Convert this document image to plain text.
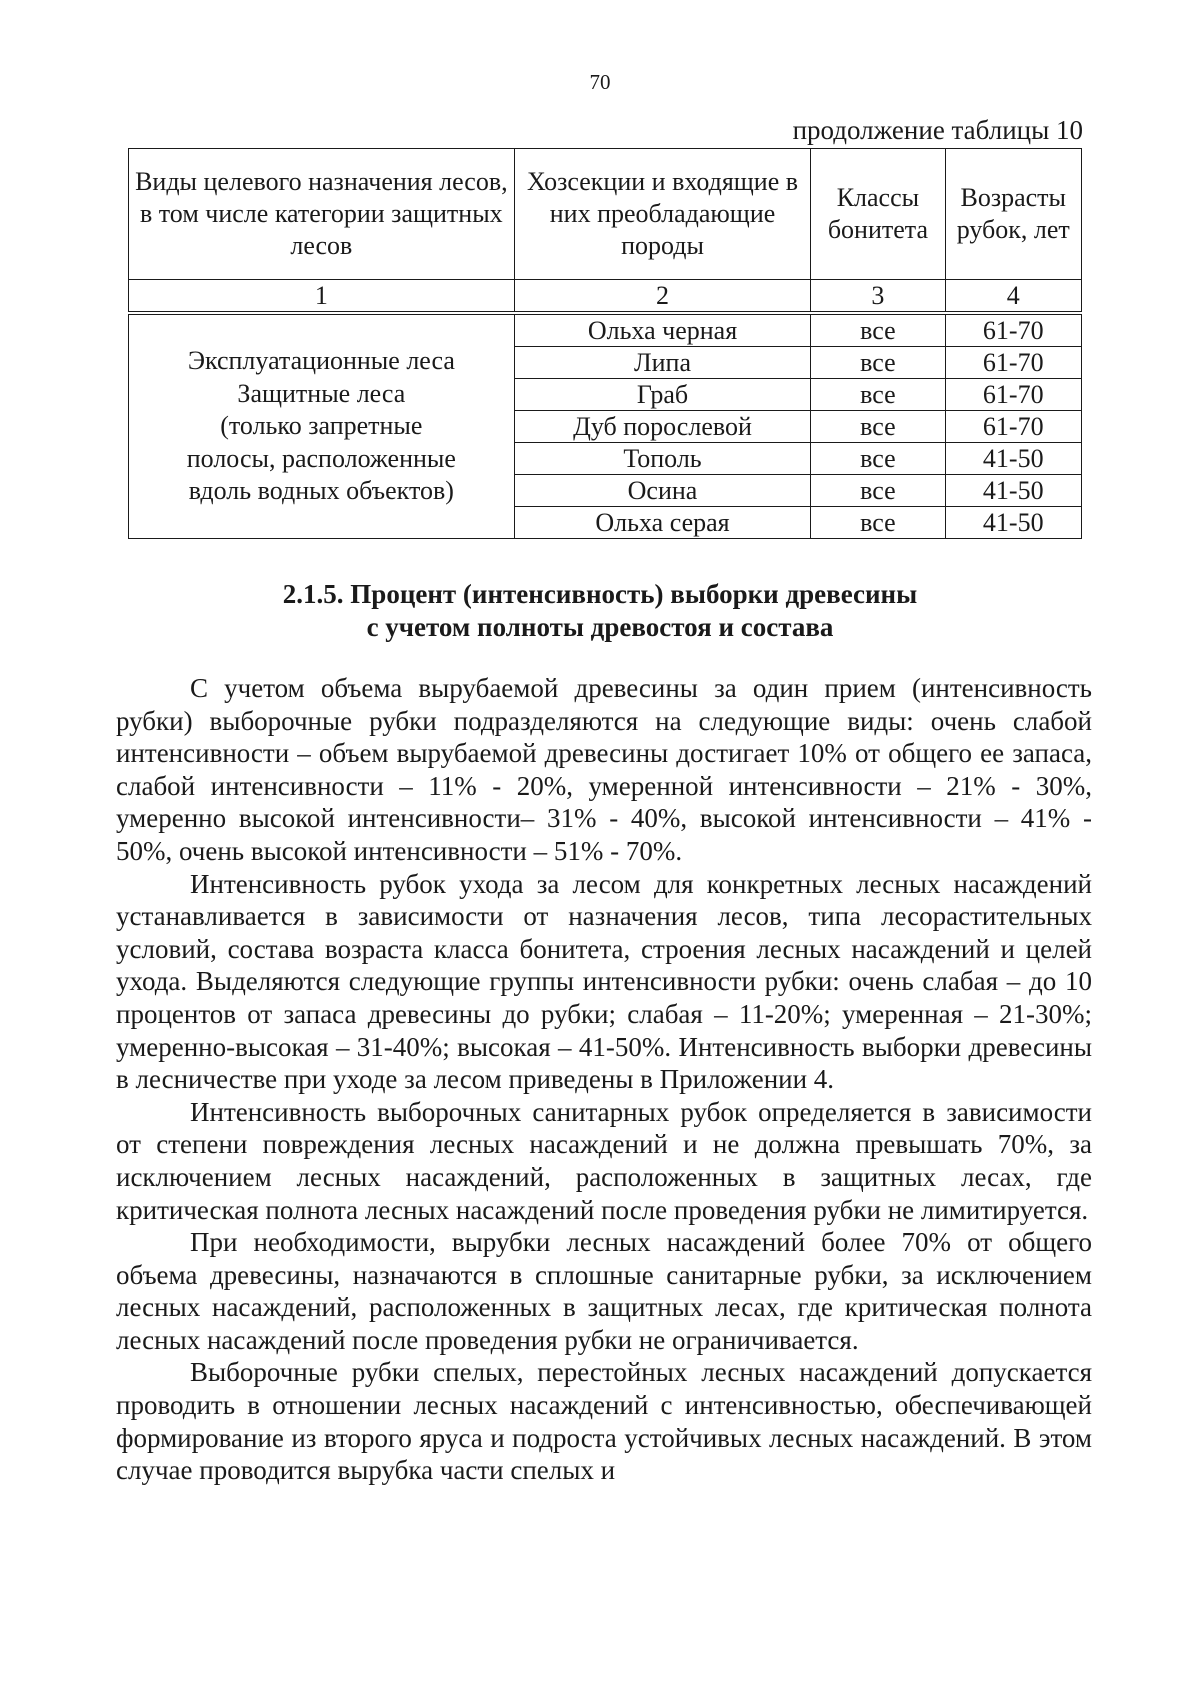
70
продолжение таблицы 10
Виды целевого назначения лесов, в том числе категории защитных лесов	Хозсекции и входящие в них преобладающие породы	Классы бонитета	Возрасты рубок, лет
1	2	3	4

Эксплуатационные леса
Защитные леса
(только запретные
полосы, расположенные
вдоль водных объектов)	Ольха черная	все	61-70
	Липа	все	61-70
	Граб	все	61-70
	Дуб порослевой	все	61-70
	Тополь	все	41-50
	Осина	все	41-50
	Ольха серая	все	41-50
2.1.5. Процент (интенсивность) выборки древесины
с учетом полноты древостоя и состава

С учетом объема вырубаемой древесины за один прием (интенсивность рубки) выборочные рубки подразделяются на следующие виды: очень слабой интенсивности – объем вырубаемой древесины достигает 10% от общего ее запаса, слабой интенсивности – 11% - 20%, умеренной интенсивности – 21% - 30%, умеренно высокой интенсивности– 31% - 40%, высокой интенсивности – 41% - 50%, очень высокой интенсивности – 51% - 70%.

Интенсивность рубок ухода за лесом для конкретных лесных насаждений устанавливается в зависимости от назначения лесов, типа лесорастительных условий, состава возраста класса бонитета, строения лесных насаждений и целей ухода. Выделяются следующие группы интенсивности рубки: очень слабая – до 10 процентов от запаса древесины до рубки; слабая – 11-20%; умеренная – 21-30%; умеренно-высокая – 31-40%; высокая – 41-50%. Интенсивность выборки древесины в лесничестве при уходе за лесом приведены в Приложении 4.

Интенсивность выборочных санитарных рубок определяется в зависимости от степени повреждения лесных насаждений и не должна превышать 70%, за исключением лесных насаждений, расположенных в защитных лесах, где критическая полнота лесных насаждений после проведения рубки не лимитируется.

При необходимости, вырубки лесных насаждений более 70% от общего объема древесины, назначаются в сплошные санитарные рубки, за исключением лесных насаждений, расположенных в защитных лесах, где критическая полнота лесных насаждений после проведения рубки не ограничивается.

Выборочные рубки спелых, перестойных лесных насаждений допускается проводить в отношении лесных насаждений с интенсивностью, обеспечивающей формирование из второго яруса и подроста устойчивых лесных насаждений. В этом случае проводится вырубка части спелых и
